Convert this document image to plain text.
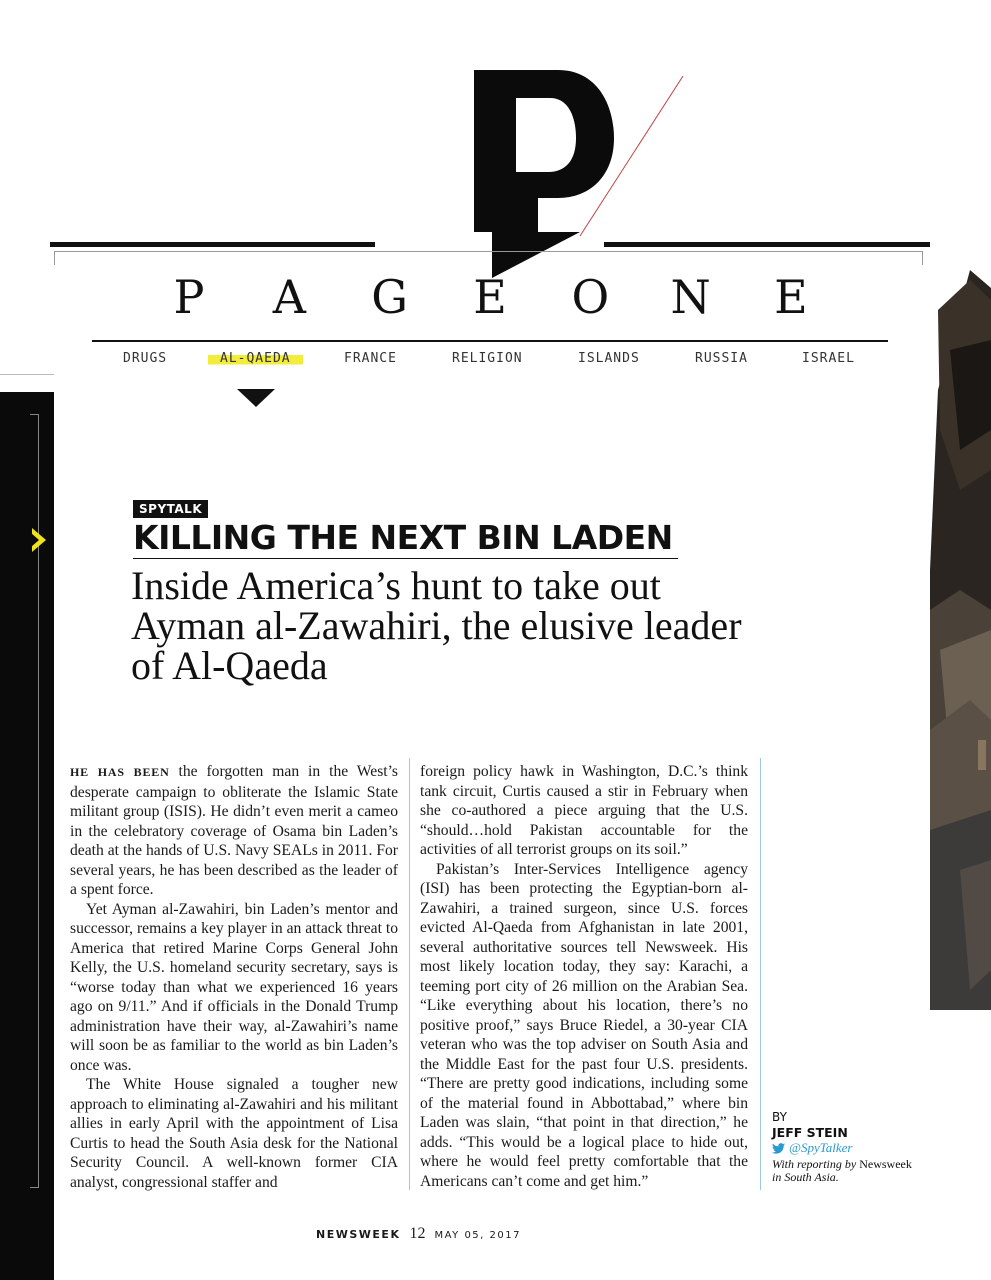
P A G E O N E
DRUGS	AL-QAEDA	FRANCE	RELIGION	ISLANDS	RUSSIA	ISRAEL
SPYTALK
KILLING THE NEXT BIN LADEN
Inside America’s hunt to take out Ayman al-Zawahiri, the elusive leader of Al-Qaeda

HE HAS BEEN the forgotten man in the West’s desperate campaign to obliterate the Islamic State militant group (ISIS). He didn’t even merit a cameo in the celebratory coverage of Osama bin Laden’s death at the hands of U.S. Navy SEALs in 2011. For several years, he has been described as the leader of a spent force.

Yet Ayman al-Zawahiri, bin Laden’s mentor and successor, remains a key player in an attack threat to America that retired Marine Corps General John Kelly, the U.S. homeland security secretary, says is “worse today than what we experienced 16 years ago on 9/11.” And if officials in the Donald Trump administration have their way, al-Zawahiri’s name will soon be as familiar to the world as bin Laden’s once was.

The White House signaled a tougher new approach to eliminating al-Zawahiri and his militant allies in early April with the appointment of Lisa Curtis to head the South Asia desk for the National Security Council. A well-known former CIA analyst, congressional staffer and

foreign policy hawk in Washington, D.C.’s think tank circuit, Curtis caused a stir in February when she co-authored a piece arguing that the U.S. “should…hold Pakistan accountable for the activities of all terrorist groups on its soil.”

Pakistan’s Inter-Services Intelligence agency (ISI) has been protecting the Egyptian-born al-Zawahiri, a trained surgeon, since U.S. forces evicted Al-Qaeda from Afghanistan in late 2001, several authoritative sources tell Newsweek. His most likely location today, they say: Karachi, a teeming port city of 26 million on the Arabian Sea. “Like everything about his location, there’s no positive proof,” says Bruce Riedel, a 30-year CIA veteran who was the top adviser on South Asia and the Middle East for the past four U.S. presidents. “There are pretty good indications, including some of the material found in Abbottabad,” where bin Laden was slain, “that point in that direction,” he adds. “This would be a logical place to hide out, where he would feel pretty comfortable that the Americans can’t come and get him.”

BY
JEFF STEIN
@SpyTalker
With reporting by Newsweek
in South Asia.
NEWSWEEK 12 MAY 05, 2017
